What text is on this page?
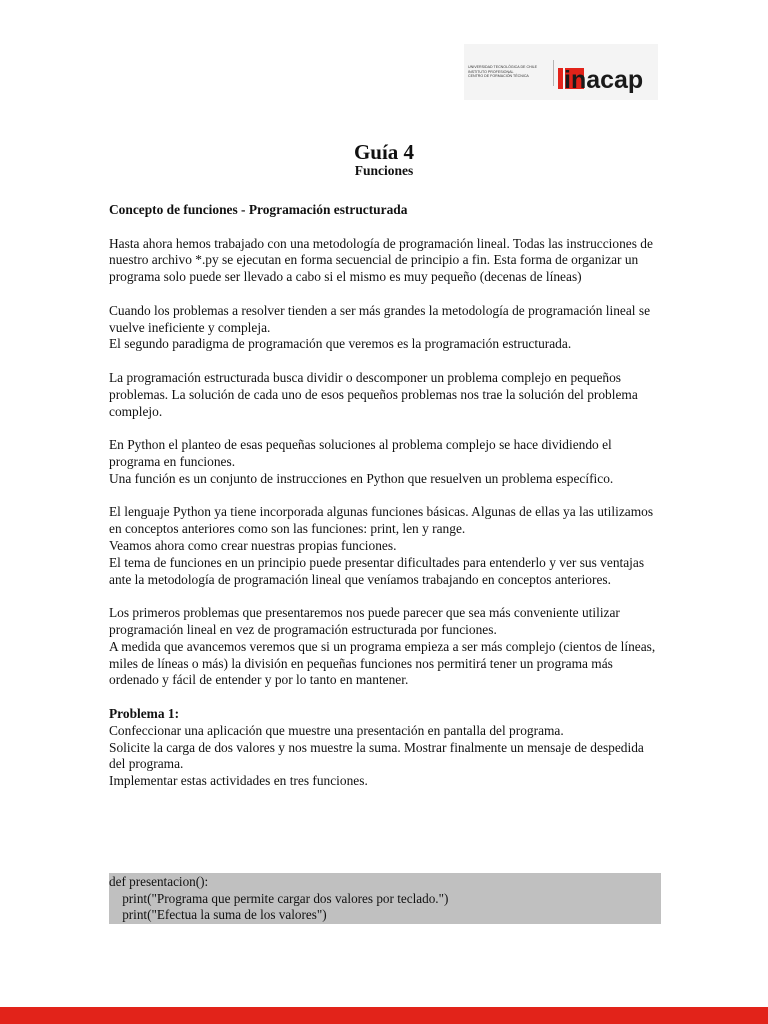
UNIVERSIDAD TECNOLÓGICA DE CHILE
INSTITUTO PROFESIONAL
CENTRO DE FORMACIÓN TÉCNICA	inacap
Guía 4
Funciones

Concepto de funciones - Programación estructurada

Hasta ahora hemos trabajado con una metodología de programación lineal. Todas las instrucciones de nuestro archivo *.py se ejecutan en forma secuencial de principio a fin. Esta forma de organizar un programa solo puede ser llevado a cabo si el mismo es muy pequeño (decenas de líneas)

Cuando los problemas a resolver tienden a ser más grandes la metodología de programación lineal se vuelve ineficiente y compleja.

El segundo paradigma de programación que veremos es la programación estructurada.

La programación estructurada busca dividir o descomponer un problema complejo en pequeños problemas. La solución de cada uno de esos pequeños problemas nos trae la solución del problema complejo.

En Python el planteo de esas pequeñas soluciones al problema complejo se hace dividiendo el programa en funciones.

Una función es un conjunto de instrucciones en Python que resuelven un problema específico.

El lenguaje Python ya tiene incorporada algunas funciones básicas. Algunas de ellas ya las utilizamos en conceptos anteriores como son las funciones: print, len y range.

Veamos ahora como crear nuestras propias funciones.

El tema de funciones en un principio puede presentar dificultades para entenderlo y ver sus ventajas ante la metodología de programación lineal que veníamos trabajando en conceptos anteriores.

Los primeros problemas que presentaremos nos puede parecer que sea más conveniente utilizar programación lineal en vez de programación estructurada por funciones.

A medida que avancemos veremos que si un programa empieza a ser más complejo (cientos de líneas, miles de líneas o más) la división en pequeñas funciones nos permitirá tener un programa más ordenado y fácil de entender y por lo tanto en mantener.

Problema 1:

Confeccionar una aplicación que muestre una presentación en pantalla del programa.

Solicite la carga de dos valores y nos muestre la suma. Mostrar finalmente un mensaje de despedida del programa.

Implementar estas actividades en tres funciones.

def presentacion():
print("Programa que permite cargar dos valores por teclado.")
print("Efectua la suma de los valores")
